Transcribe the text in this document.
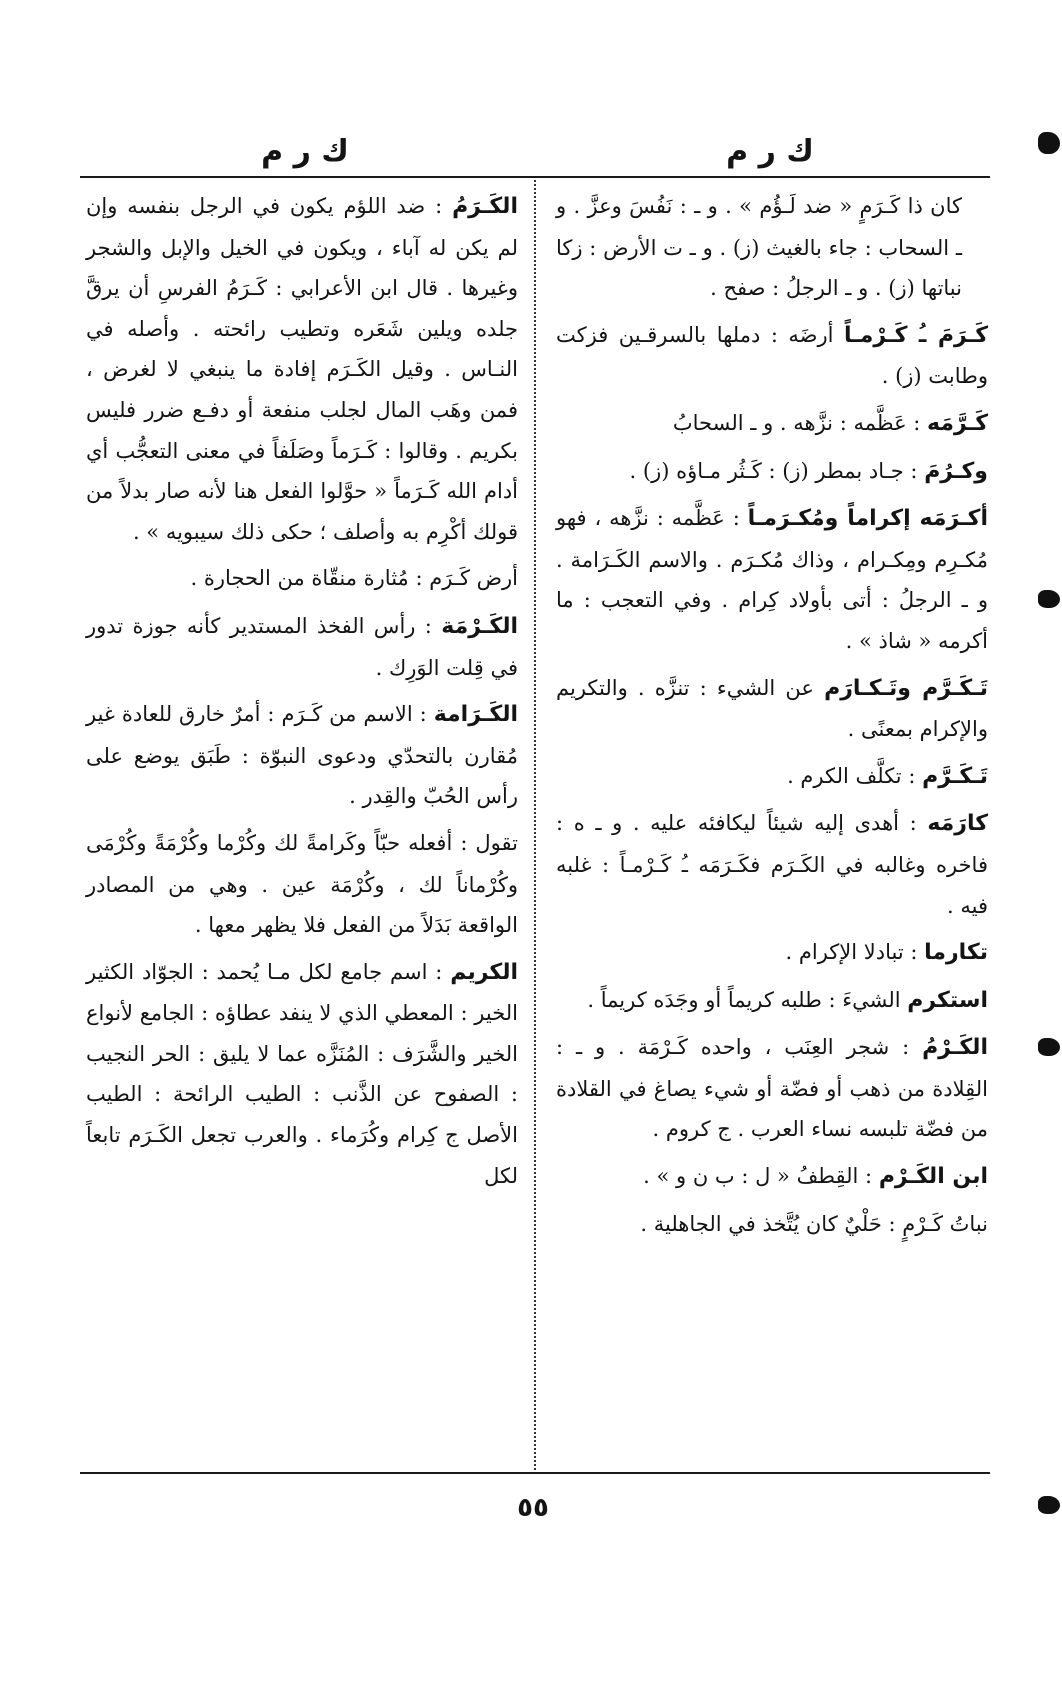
ك ر م
ك ر م

كان ذا كَـرَمٍ « ضد لَـؤُم » . و ـ : نَفُسَ وعزَّ . و ـ السحاب : جاء بالغيث (ز) . و ـ ت الأرض : زكا نباتها (ز) . و ـ الرجلُ : صفح .

كَـرَمَ ـُ كَـرْمـاً أرضَه : دملها بالسرقـين فزكت وطابت (ز) .

كَـرَّمَه : عَظَّمه : نزَّهه . و ـ السحابُ

وكـرُمَ : جـاد بمطر (ز) : كَـثُر مـاؤه (ز) .

أكـرَمَه إكراماً ومُكـرَمـاً : عَظَّمه : نزَّهه ، فهو مُكـرِم ومِكـرام ، وذاك مُكـرَم . والاسم الكَـرَامة . و ـ الرجلُ : أتى بأولاد كِرام . وفي التعجب : ما أكرمه « شاذ » .

تَـكَـرَّم وتَـكـارَم عن الشيء : تنزَّه . والتكريم والإكرام بمعنًى .

تَـكَـرَّم : تكلَّف الكرم .

كارَمَه : أهدى إليه شيئاً ليكافئه عليه . و ـ ه : فاخره وغالبه في الكَـرَم فكَـرَمَه ـُ كَـرْمـاً : غلبه فيه .

تكارما : تبادلا الإكرام .

استكرم الشيءَ : طلبه كريماً أو وجَدَه كريماً .

الكَـرْمُ : شجر العِنَب ، واحده كَـرْمَة . و ـ : القِلادة من ذهب أو فضّة أو شيء يصاغ في القلادة من فضّة تلبسه نساء العرب . ج كروم .

ابن الكَـرْم : القِطفُ « ل : ب ن و » .

نباتُ كَـرْمٍ : حَلْيٌ كان يُتَّخذ في الجاهلية .

الكَـرَمُ : ضد اللؤم يكون في الرجل بنفسه وإن لم يكن له آباء ، ويكون في الخيل والإبل والشجر وغيرها . قال ابن الأعرابي : كَـرَمُ الفرسِ أن يرقَّ جلده ويلين شَعَره وتطيب رائحته . وأصله في النـاس . وقيل الكَـرَم إفادة ما ينبغي لا لغرض ، فمن وهَب المال لجلب منفعة أو دفـع ضرر فليس بكريم . وقالوا : كَـرَماً وصَلَفاً في معنى التعجُّب أي أدام الله كَـرَماً « حوَّلوا الفعل هنا لأنه صار بدلاً من قولك أكْرِم به وأصلف ؛ حكى ذلك سيبويه » .

أرض كَـرَم : مُثارة منقّاة من الحجارة .

الكَـرْمَة : رأس الفخذ المستدير كأنه جوزة تدور في قِلت الوَرِك .

الكَـرَامة : الاسم من كَـرَم : أمرٌ خارق للعادة غير مُقارن بالتحدّي ودعوى النبوّة : طَبَق يوضع على رأس الحُبّ والقِدر .

تقول : أفعله حبّاً وكَرامةً لك وكُرْما وكُرْمَةً وكُرْمَى وكُرْماناً لك ، وكُرْمَة عين . وهي من المصادر الواقعة بَدَلاً من الفعل فلا يظهر معها .

الكريم : اسم جامع لكل مـا يُحمد : الجوّاد الكثير الخير : المعطي الذي لا ينفد عطاؤه : الجامع لأنواع الخير والشَّرَف : المُنَزَّه عما لا يليق : الحر النجيب : الصفوح عن الذَّنب : الطيب الرائحة : الطيب الأصل ج كِرام وكُرَماء . والعرب تجعل الكَـرَم تابعاً لكل

٥٥
